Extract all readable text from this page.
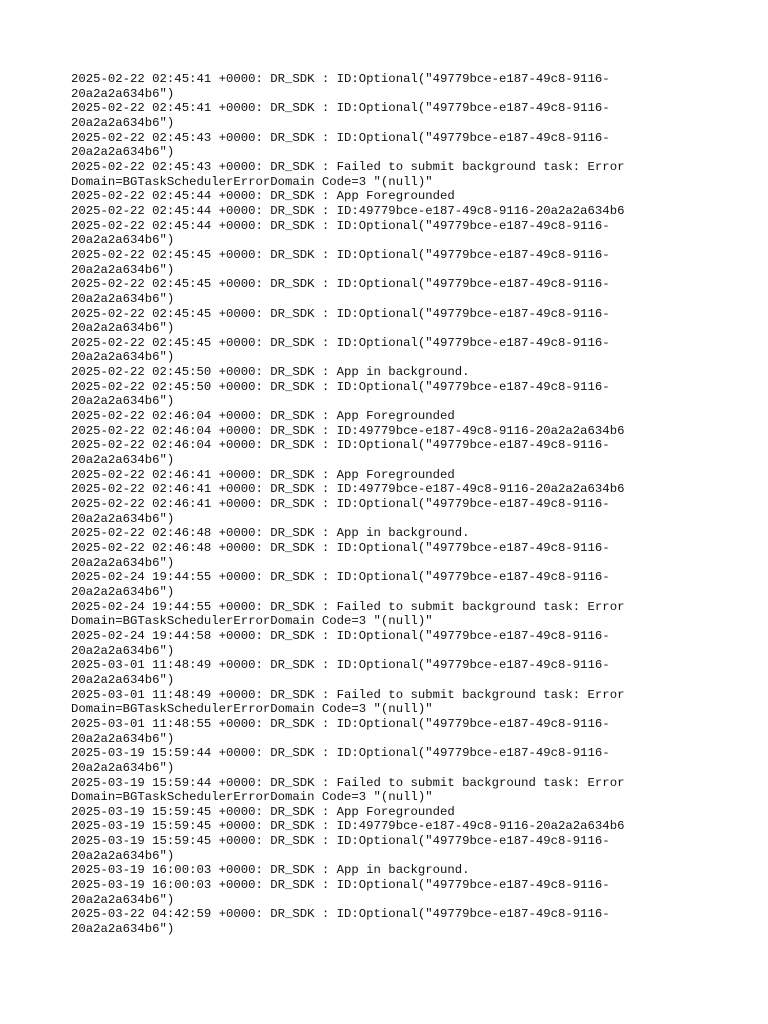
2025-02-22 02:45:41 +0000: DR_SDK : ID:Optional("49779bce-e187-49c8-9116-
20a2a2a634b6")
2025-02-22 02:45:41 +0000: DR_SDK : ID:Optional("49779bce-e187-49c8-9116-
20a2a2a634b6")
2025-02-22 02:45:43 +0000: DR_SDK : ID:Optional("49779bce-e187-49c8-9116-
20a2a2a634b6")
2025-02-22 02:45:43 +0000: DR_SDK : Failed to submit background task: Error
Domain=BGTaskSchedulerErrorDomain Code=3 "(null)"
2025-02-22 02:45:44 +0000: DR_SDK : App Foregrounded
2025-02-22 02:45:44 +0000: DR_SDK : ID:49779bce-e187-49c8-9116-20a2a2a634b6
2025-02-22 02:45:44 +0000: DR_SDK : ID:Optional("49779bce-e187-49c8-9116-
20a2a2a634b6")
2025-02-22 02:45:45 +0000: DR_SDK : ID:Optional("49779bce-e187-49c8-9116-
20a2a2a634b6")
2025-02-22 02:45:45 +0000: DR_SDK : ID:Optional("49779bce-e187-49c8-9116-
20a2a2a634b6")
2025-02-22 02:45:45 +0000: DR_SDK : ID:Optional("49779bce-e187-49c8-9116-
20a2a2a634b6")
2025-02-22 02:45:45 +0000: DR_SDK : ID:Optional("49779bce-e187-49c8-9116-
20a2a2a634b6")
2025-02-22 02:45:50 +0000: DR_SDK : App in background.
2025-02-22 02:45:50 +0000: DR_SDK : ID:Optional("49779bce-e187-49c8-9116-
20a2a2a634b6")
2025-02-22 02:46:04 +0000: DR_SDK : App Foregrounded
2025-02-22 02:46:04 +0000: DR_SDK : ID:49779bce-e187-49c8-9116-20a2a2a634b6
2025-02-22 02:46:04 +0000: DR_SDK : ID:Optional("49779bce-e187-49c8-9116-
20a2a2a634b6")
2025-02-22 02:46:41 +0000: DR_SDK : App Foregrounded
2025-02-22 02:46:41 +0000: DR_SDK : ID:49779bce-e187-49c8-9116-20a2a2a634b6
2025-02-22 02:46:41 +0000: DR_SDK : ID:Optional("49779bce-e187-49c8-9116-
20a2a2a634b6")
2025-02-22 02:46:48 +0000: DR_SDK : App in background.
2025-02-22 02:46:48 +0000: DR_SDK : ID:Optional("49779bce-e187-49c8-9116-
20a2a2a634b6")
2025-02-24 19:44:55 +0000: DR_SDK : ID:Optional("49779bce-e187-49c8-9116-
20a2a2a634b6")
2025-02-24 19:44:55 +0000: DR_SDK : Failed to submit background task: Error
Domain=BGTaskSchedulerErrorDomain Code=3 "(null)"
2025-02-24 19:44:58 +0000: DR_SDK : ID:Optional("49779bce-e187-49c8-9116-
20a2a2a634b6")
2025-03-01 11:48:49 +0000: DR_SDK : ID:Optional("49779bce-e187-49c8-9116-
20a2a2a634b6")
2025-03-01 11:48:49 +0000: DR_SDK : Failed to submit background task: Error
Domain=BGTaskSchedulerErrorDomain Code=3 "(null)"
2025-03-01 11:48:55 +0000: DR_SDK : ID:Optional("49779bce-e187-49c8-9116-
20a2a2a634b6")
2025-03-19 15:59:44 +0000: DR_SDK : ID:Optional("49779bce-e187-49c8-9116-
20a2a2a634b6")
2025-03-19 15:59:44 +0000: DR_SDK : Failed to submit background task: Error
Domain=BGTaskSchedulerErrorDomain Code=3 "(null)"
2025-03-19 15:59:45 +0000: DR_SDK : App Foregrounded
2025-03-19 15:59:45 +0000: DR_SDK : ID:49779bce-e187-49c8-9116-20a2a2a634b6
2025-03-19 15:59:45 +0000: DR_SDK : ID:Optional("49779bce-e187-49c8-9116-
20a2a2a634b6")
2025-03-19 16:00:03 +0000: DR_SDK : App in background.
2025-03-19 16:00:03 +0000: DR_SDK : ID:Optional("49779bce-e187-49c8-9116-
20a2a2a634b6")
2025-03-22 04:42:59 +0000: DR_SDK : ID:Optional("49779bce-e187-49c8-9116-
20a2a2a634b6")
